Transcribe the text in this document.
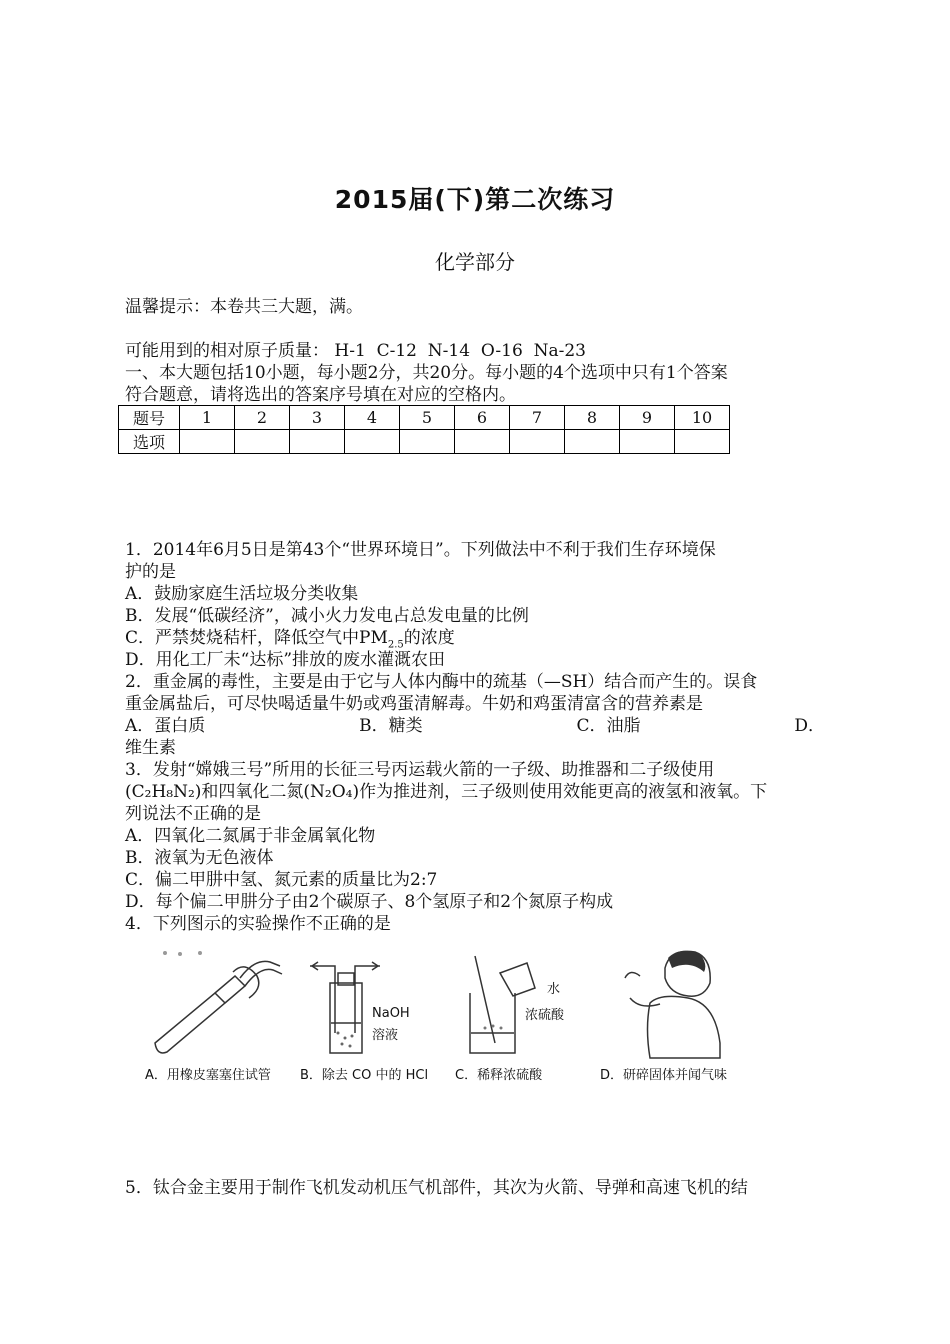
2015届(下)第二次练习
化学部分
温馨提示：本卷共三大题，满。
可能用到的相对原子质量： H-1  C-12  N-14  O-16  Na-23
一、本大题包括10小题，每小题2分，共20分。每小题的4个选项中只有1个答案
符合题意，请将选出的答案序号填在对应的空格内。
题号	1	2	3	4	5	6	7	8	9	10
选项										
1．2014年6月5日是第43个“世界环境日”。下列做法中不利于我们生存环境保
护的是
A．鼓励家庭生活垃圾分类收集
B．发展“低碳经济”，减小火力发电占总发电量的比例
C．严禁焚烧秸杆，降低空气中$PM_{2.5}$的浓度
D．用化工厂未“达标”排放的废水灌溉农田
2．重金属的毒性，主要是由于它与人体内酶中的巯基（—SH）结合而产生的。误食
重金属盐后，可尽快喝适量牛奶或鸡蛋清解毒。牛奶和鸡蛋清富含的营养素是
A．蛋白质	B．糖类	C．油脂	D．
维生素
3．发射“嫦娥三号”所用的长征三号丙运载火箭的一子级、助推器和二子级使用
(C₂H₈N₂)和四氧化二氮(N₂O₄)作为推进剂，三子级则使用效能更高的液氢和液氧。下
列说法不正确的是
A．四氧化二氮属于非金属氧化物
B．液氧为无色液体
C．偏二甲肼中氢、氮元素的质量比为2:7
D．每个偏二甲肼分子由2个碳原子、8个氢原子和2个氮原子构成
4．下列图示的实验操作不正确的是
A．用橡皮塞塞住试管
NaOH
溶液
B．除去 CO 中的 HCl
水
浓硫酸
C．稀释浓硫酸	D．研碎固体并闻气味
5．钛合金主要用于制作飞机发动机压气机部件，其次为火箭、导弹和高速飞机的结
